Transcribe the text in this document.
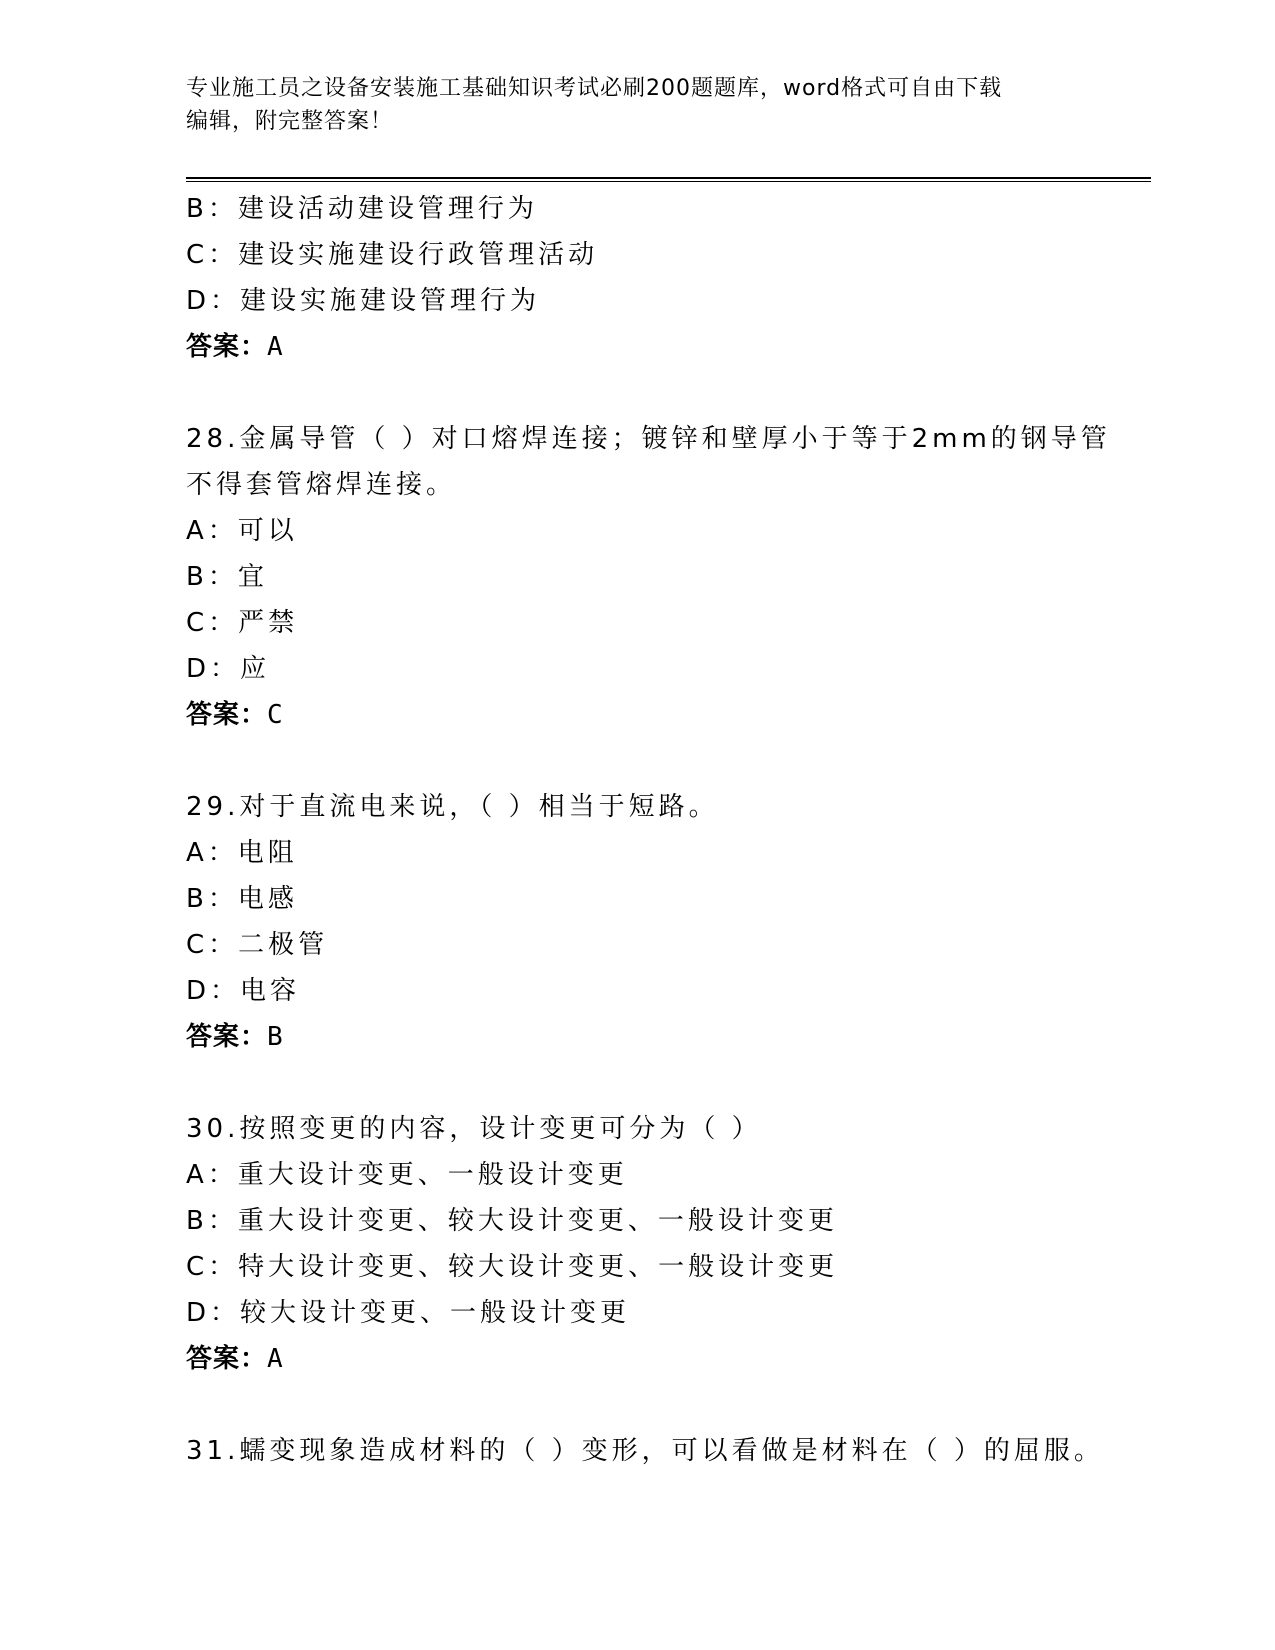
专业施工员之设备安装施工基础知识考试必刷200题题库，word格式可自由下载
编辑，附完整答案！
B：建设活动建设管理行为
C：建设实施建设行政管理活动
D：建设实施建设管理行为
答案：A
28.金属导管（ ）对口熔焊连接；镀锌和壁厚小于等于2mm的钢导管
不得套管熔焊连接。
A：可以
B：宜
C：严禁
D：应
答案：C
29.对于直流电来说，（ ）相当于短路。
A：电阻
B：电感
C：二极管
D：电容
答案：B
30.按照变更的内容，设计变更可分为（ ）
A：重大设计变更、一般设计变更
B：重大设计变更、较大设计变更、一般设计变更
C：特大设计变更、较大设计变更、一般设计变更
D：较大设计变更、一般设计变更
答案：A
31.蠕变现象造成材料的（ ）变形，可以看做是材料在（ ）的屈服。
